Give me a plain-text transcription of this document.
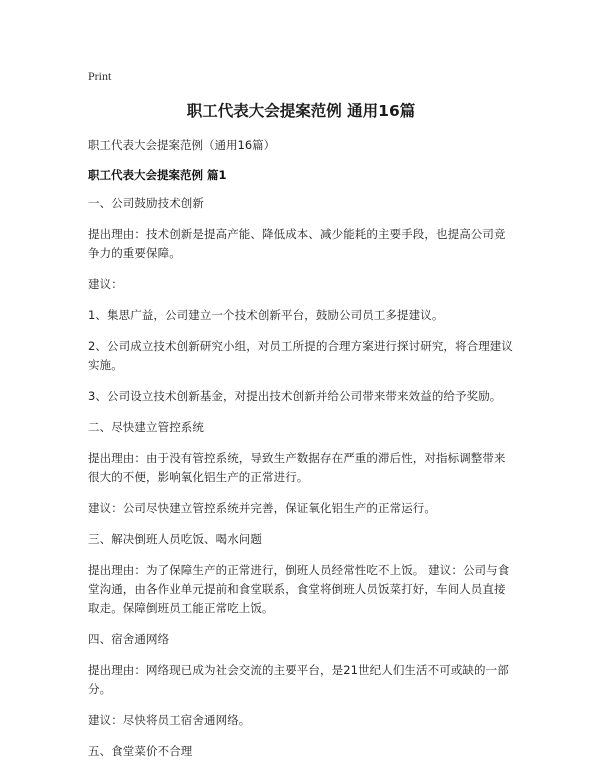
Print
职工代表大会提案范例 通用16篇
职工代表大会提案范例（通用16篇）
职工代表大会提案范例 篇1
一、公司鼓励技术创新
提出理由：技术创新是提高产能、降低成本、减少能耗的主要手段，也提高公司竞争力的重要保障。
建议：
1、集思广益，公司建立一个技术创新平台，鼓励公司员工多提建议。
2、公司成立技术创新研究小组，对员工所提的合理方案进行探讨研究，将合理建议实施。
3、公司设立技术创新基金，对提出技术创新并给公司带来带来效益的给予奖励。
二、尽快建立管控系统
提出理由：由于没有管控系统，导致生产数据存在严重的滞后性，对指标调整带来很大的不便，影响氧化铝生产的正常进行。
建议：公司尽快建立管控系统并完善，保证氧化铝生产的正常运行。
三、解决倒班人员吃饭、喝水问题
提出理由：为了保障生产的正常进行，倒班人员经常性吃不上饭。 建议：公司与食堂沟通，由各作业单元提前和食堂联系，食堂将倒班人员饭菜打好，车间人员直接取走。保障倒班员工能正常吃上饭。
四、宿舍通网络
提出理由：网络现已成为社会交流的主要平台，是21世纪人们生活不可或缺的一部分。
建议：尽快将员工宿舍通网络。
五、食堂菜价不合理
